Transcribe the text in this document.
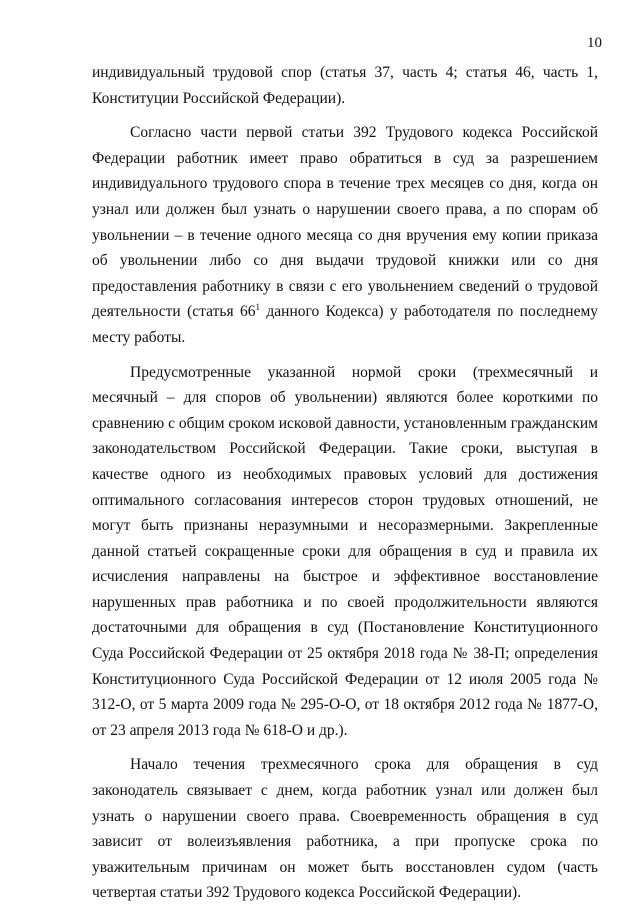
10

индивидуальный трудовой спор (статья 37, часть 4; статья 46, часть 1, Конституции Российской Федерации).

Согласно части первой статьи 392 Трудового кодекса Российской Федерации работник имеет право обратиться в суд за разрешением индивидуального трудового спора в течение трех месяцев со дня, когда он узнал или должен был узнать о нарушении своего права, а по спорам об увольнении – в течение одного месяца со дня вручения ему копии приказа об увольнении либо со дня выдачи трудовой книжки или со дня предоставления работнику в связи с его увольнением сведений о трудовой деятельности (статья $66^1$ данного Кодекса) у работодателя по последнему месту работы.

Предусмотренные указанной нормой сроки (трехмесячный и месячный – для споров об увольнении) являются более короткими по сравнению с общим сроком исковой давности, установленным гражданским законодательством Российской Федерации. Такие сроки, выступая в качестве одного из необходимых правовых условий для достижения оптимального согласования интересов сторон трудовых отношений, не могут быть признаны неразумными и несоразмерными. Закрепленные данной статьей сокращенные сроки для обращения в суд и правила их исчисления направлены на быстрое и эффективное восстановление нарушенных прав работника и по своей продолжительности являются достаточными для обращения в суд (Постановление Конституционного Суда Российской Федерации от 25 октября 2018 года № 38-П; определения Конституционного Суда Российской Федерации от 12 июля 2005 года № 312-О, от 5 марта 2009 года № 295-О-О, от 18 октября 2012 года № 1877-О, от 23 апреля 2013 года № 618-О и др.).

Начало течения трехмесячного срока для обращения в суд законодатель связывает с днем, когда работник узнал или должен был узнать о нарушении своего права. Своевременность обращения в суд зависит от волеизъявления работника, а при пропуске срока по уважительным причинам он может быть восстановлен судом (часть четвертая статьи 392 Трудового кодекса Российской Федерации).
